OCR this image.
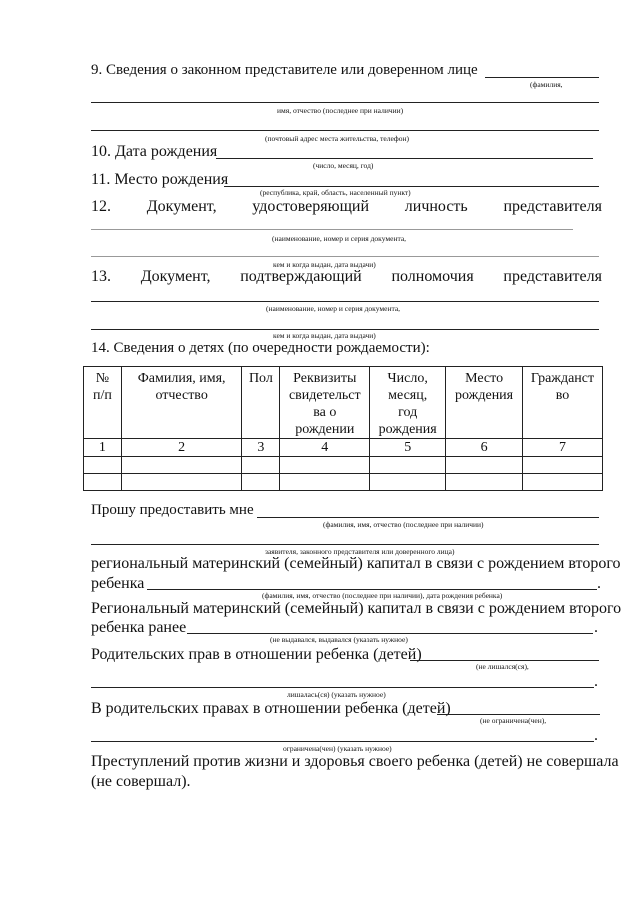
9. Сведения о законном представителе или доверенном лице
(фамилия,
имя, отчество (последнее при наличии)
(почтовый адрес места жительства, телефон)
10. Дата рождения
(число, месяц, год)
11. Место рождения
(республика, край, область, населенный пункт)
12. Документ, удостоверяющий личность представителя
(наименование, номер и серия документа,
кем и когда выдан, дата выдачи)
13. Документ, подтверждающий полномочия представителя
(наименование, номер и серия документа,
кем и когда выдан, дата выдачи)
14. Сведения о детях (по очередности рождаемости):
№
п/п	Фамилия, имя,
отчество	Пол	Реквизиты
свидетельст
ва о
рождении	Число,
месяц,
год
рождения	Место
рождения	Гражданст
во
1	2	3	4	5	6	7

Прошу предоставить мне
(фамилия, имя, отчество (последнее при наличии)
заявителя, законного представителя или доверенного лица)
региональный материнский (семейный) капитал в связи с рождением второго
ребенка	.
(фамилия, имя, отчество (последнее при наличии), дата рождения ребенка)
Региональный материнский (семейный) капитал в связи с рождением второго
ребенка ранее	.
(не выдавался, выдавался (указать нужное)
Родительских прав в отношении ребенка (детей)
(не лишался(ся),
.
лишалась(ся) (указать нужное)
В родительских правах в отношении ребенка (детей)
(не ограничена(чен),
.
ограничена(чен) (указать нужное)
Преступлений против жизни и здоровья своего ребенка (детей) не совершала
(не совершал).
